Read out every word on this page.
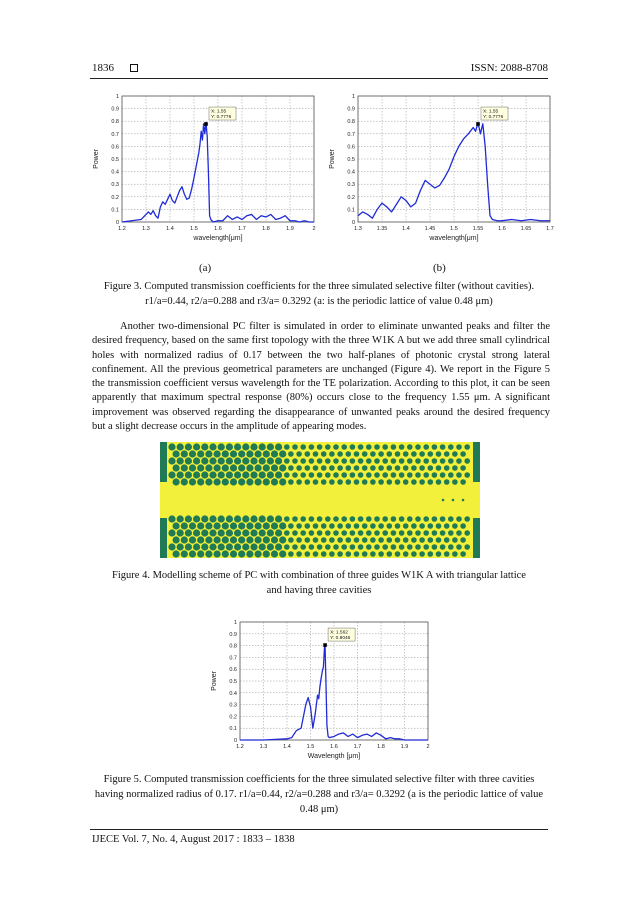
1836	ISSN: 2088-8708
1.2	1.3	1.4	1.5	1.6	1.7	1.8	1.9	2
0
0.1
0.2
0.3
0.4
0.5
0.6
0.7
0.8
0.9
1
wavelength[μm]
Power
X: 1.55
Y: 0.7776
1.3	1.35	1.4	1.45	1.5	1.55	1.6	1.65	1.7
0
0.1
0.2
0.3
0.4
0.5
0.6
0.7
0.8
0.9
1
wavelength[μm]
Power
X: 1.55
Y: 0.7776
(a)	(b)
Figure 3. Computed transmission coefficients for the three simulated selective filter (without cavities).
r1/a=0.44, r2/a=0.288 and r3/a= 0.3292 (a: is the periodic lattice of value 0.48 μm)

Another two-dimensional PC filter is simulated in order to eliminate unwanted peaks and filter the desired frequency, based on the same first topology with the three W1K A but we add three small cylindrical holes with normalized radius of 0.17 between the two half-planes of photonic crystal strong lateral confinement. All the previous geometrical parameters are unchanged (Figure 4). We report in the Figure 5 the transmission coefficient versus wavelength for the TE polarization. According to this plot, it can be seen apparently that maximum spectral response (80%) occurs close to the frequency 1.55 μm. A significant improvement was observed regarding the disappearance of unwanted peaks around the desired frequency but a slight decrease occurs in the amplitude of appearing modes.

Figure 4. Modelling scheme of PC with combination of three guides W1K A with triangular lattice
and having three cavities
1.2	1.3	1.4	1.5	1.6	1.7	1.8	1.9	2
0
0.1
0.2
0.3
0.4
0.5
0.6
0.7
0.8
0.9
1
Wavelength [μm]
Power
X: 1.562
Y: 0.8046
Figure 5. Computed transmission coefficients for the three simulated selective filter with three cavities
having normalized radius of 0.17. r1/a=0.44, r2/a=0.288 and r3/a= 0.3292 (a is the periodic lattice of value
0.48 μm)
IJECE Vol. 7, No. 4, August 2017 : 1833 – 1838
